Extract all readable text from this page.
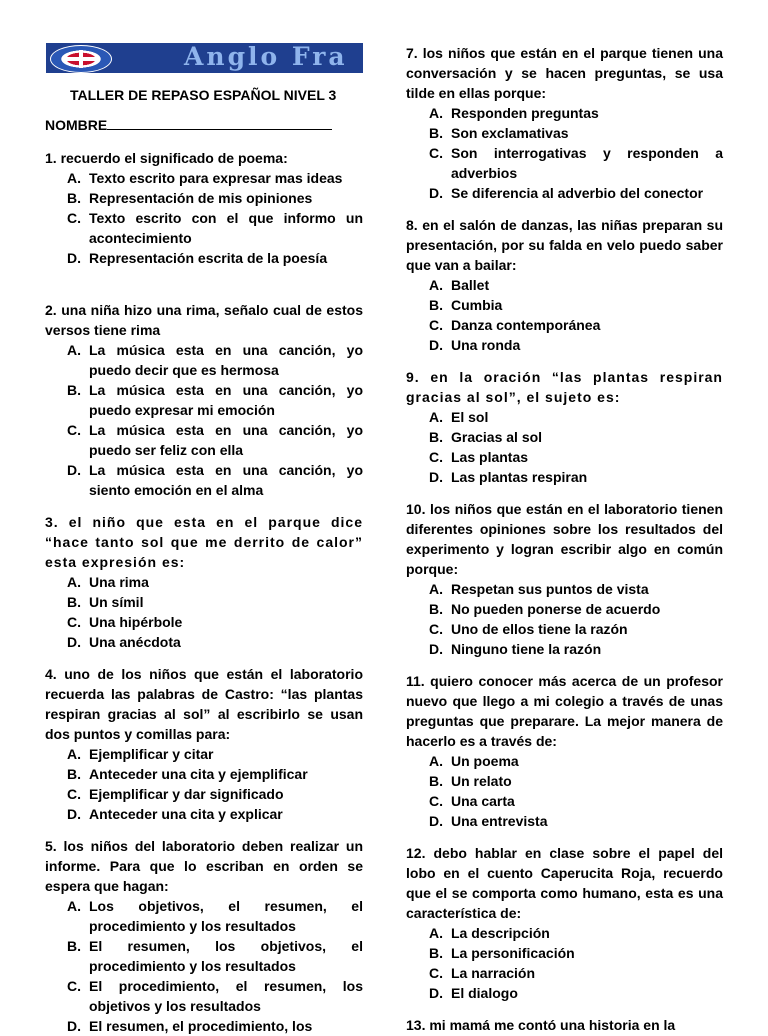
Anglo Fra
TALLER DE REPASO ESPAÑOL NIVEL 3
NOMBRE

1. recuerdo el significado de poema:

A. Texto escrito para expresar mas ideas
B. Representación de mis opiniones
C. Texto escrito con el que informo un acontecimiento
D. Representación escrita de la poesía

2. una niña hizo una rima, señalo cual de estos versos tiene rima

A. La música esta en una canción, yo puedo decir que es hermosa
B. La música esta en una canción, yo puedo expresar mi emoción
C. La música esta en una canción, yo puedo ser feliz con ella
D. La música esta en una canción, yo siento emoción en el alma

3. el niño que esta en el parque dice “hace tanto sol que me derrito de calor” esta expresión es:

A. Una rima
B. Un símil
C. Una hipérbole
D. Una anécdota

4. uno de los niños que están el laboratorio recuerda las palabras de Castro: “las plantas respiran gracias al sol” al escribirlo se usan dos puntos y comillas para:

A. Ejemplificar y citar
B. Anteceder una cita y ejemplificar
C. Ejemplificar y dar significado
D. Anteceder una cita y explicar

5. los niños del laboratorio deben realizar un informe. Para que lo escriban en orden se espera que hagan:

A. Los objetivos, el resumen, el procedimiento y los resultados
B. El resumen, los objetivos, el procedimiento y los resultados
C. El procedimiento, el resumen, los objetivos y los resultados
D. El resumen, el procedimiento, los

7. los niños que están en el parque tienen una conversación y se hacen preguntas, se usa tilde en ellas porque:

A. Responden preguntas
B. Son exclamativas
C. Son interrogativas y responden a adverbios
D. Se diferencia al adverbio del conector

8. en el salón de danzas, las niñas preparan su presentación, por su falda en velo puedo saber que van a bailar:

A. Ballet
B. Cumbia
C. Danza contemporánea
D. Una ronda

9. en la oración “las plantas respiran gracias al sol”, el sujeto es:

A. El sol
B. Gracias al sol
C. Las plantas
D. Las plantas respiran

10. los niños que están en el laboratorio tienen diferentes opiniones sobre los resultados del experimento y logran escribir algo en común porque:

A. Respetan sus puntos de vista
B. No pueden ponerse de acuerdo
C. Uno de ellos tiene la razón
D. Ninguno tiene la razón

11. quiero conocer más acerca de un profesor nuevo que llego a mi colegio a través de unas preguntas que preparare. La mejor manera de hacerlo es a través de:

A. Un poema
B. Un relato
C. Una carta
D. Una entrevista

12. debo hablar en clase sobre el papel del lobo en el cuento Caperucita Roja, recuerdo que el se comporta como humano, esta es una característica de:

A. La descripción
B. La personificación
C. La narración
D. El dialogo

13. mi mamá me contó una historia en la
